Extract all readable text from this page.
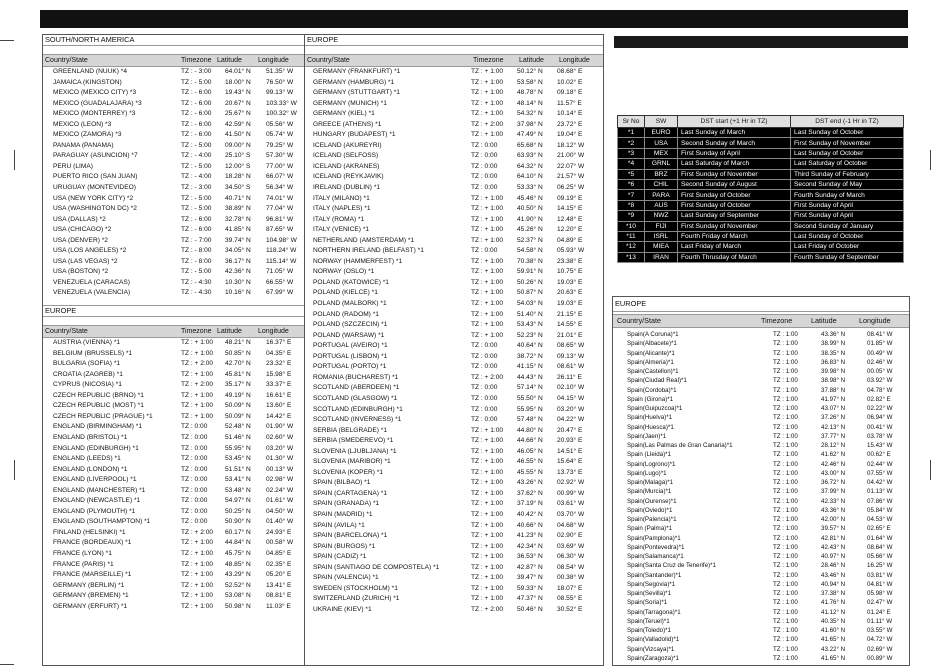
SOUTH/NORTH AMERICA
Country/State	Timezone Latitude	Longitude
GREENLAND (NUUK) *4	TZ : - 3:00	64.01° N	51.35° W
JAMAICA (KINGSTON)	TZ : - 5:00	18.00° N	76.50° W
MEXICO (MEXICO CITY) *3	TZ : - 6:00	19.43° N	99.13° W
MEXICO (GUADALAJARA) *3	TZ : - 6:00	20.67° N	103.33° W
MEXICO (MONTERREY) *3	TZ : - 6:00	25.67° N	100.32° W
MEXICO (LEON) *3	TZ : - 6:00	42.59° N	05.56° W
MEXICO (ZAMORA) *3	TZ : - 6:00	41.50° N	05.74° W
PANAMA (PANAMA)	TZ : - 5:00	09.00° N	79.25° W
PARAGUAY (ASUNCION) *7	TZ : - 4:00	25.10° S	57.30° W
PERU (LIMA)	TZ : - 5:00	12.00° S	77.00° W
PUERTO RICO (SAN JUAN)	TZ : - 4:00	18.28° N	66.07° W
URUGUAY (MONTEVIDEO)	TZ : - 3:00	34.50° S	56.34° W
USA (NEW YORK CITY) *2	TZ : - 5:00	40.71° N	74.01° W
USA (WASHINGTON DC) *2	TZ : - 5:00	38.89° N	77.04° W
USA (DALLAS) *2	TZ : - 6:00	32.78° N	96.81° W
USA (CHICAGO) *2	TZ : - 6:00	41.85° N	87.65° W
USA (DENVER) *2	TZ : - 7:00	39.74° N	104.98° W
USA (LOS ANGELES) *2	TZ : - 8:00	34.05° N	118.24° W
USA (LAS VEGAS) *2	TZ : - 8:00	36.17° N	115.14° W
USA (BOSTON) *2	TZ : - 5:00	42.36° N	71.05° W
VENEZUELA (CARACAS)	TZ : - 4:30	10.30° N	66.55° W
VENEZUELA (VALENCIA)	TZ : - 4:30	10.16° N	67.99° W
EUROPE
Country/State	Timezone Latitude	Longitude
AUSTRIA (VIENNA) *1	TZ : + 1:00	48.21° N	16.37° E
BELGIUM (BRUSSELS) *1	TZ : + 1:00	50.85° N	04.35° E
BULGARIA (SOFIA) *1	TZ : + 2:00	42.70° N	23.32° E
CROATIA (ZAGREB) *1	TZ : + 1:00	45.81° N	15.98° E
CYPRUS (NICOSIA) *1	TZ : + 2:00	35.17° N	33.37° E
CZECH REPUBLIC (BRNO) *1	TZ : + 1:00	49.19° N	16.61° E
CZECH REPUBLIC (MOST) *1	TZ : + 1:00	50.09° N	13.60° E
CZECH REPUBLIC (PRAGUE) *1	TZ : + 1:00	50.09° N	14.42° E
ENGLAND (BIRMINGHAM) *1	TZ : 0:00	52.48° N	01.90° W
ENGLAND (BRISTOL) *1	TZ : 0:00	51.46° N	02.60° W
ENGLAND (EDINBURGH) *1	TZ : 0:00	55.95° N	03.20° W
ENGLAND (LEEDS) *1	TZ : 0:00	53.45° N	01.30° W
ENGLAND (LONDON) *1	TZ : 0:00	51.51° N	00.13° W
ENGLAND (LIVERPOOL) *1	TZ : 0:00	53.41° N	02.98° W
ENGLAND (MANCHESTER) *1	TZ : 0:00	53.48° N	02.24° W
ENGLAND (NEWCASTLE) *1	TZ : 0:00	54.97° N	01.61° W
ENGLAND (PLYMOUTH) *1	TZ : 0:00	50.25° N	04.50° W
ENGLAND (SOUTHAMPTON) *1	TZ : 0:00	50.90° N	01.40° W
FINLAND (HELSINKI) *1	TZ : + 2:00	60.17° N	24.93° E
FRANCE (BORDEAUX) *1	TZ : + 1:00	44.84° N	00.58° W
FRANCE (LYON) *1	TZ : + 1:00	45.75° N	04.85° E
FRANCE (PARIS) *1	TZ : + 1:00	48.85° N	02.35° E
FRANCE (MARSEILLE) *1	TZ : + 1:00	43.29° N	05.20° E
GERMANY (BERLIN) *1	TZ : + 1:00	52.52° N	13.41° E
GERMANY (BREMEN) *1	TZ : + 1:00	53.08° N	08.81° E
GERMANY (ERFURT) *1	TZ : + 1:00	50.98° N	11.03° E
EUROPE
Country/State	Timezone	Latitude	Longitude
GERMANY (FRANKFURT) *1	TZ : + 1:00	50.12° N	08.68° E
GERMANY (HAMBURG) *1	TZ : + 1:00	53.58° N	10.02° E
GERMANY (STUTTGART) *1	TZ : + 1:00	48.78° N	09.18° E
GERMANY (MUNICH) *1	TZ : + 1:00	48.14° N	11.57° E
GERMANY (KIEL) *1	TZ : + 1:00	54.32° N	10.14° E
GREECE (ATHENS) *1	TZ : + 2:00	37.98° N	23.72° E
HUNGARY (BUDAPEST) *1	TZ : + 1:00	47.49° N	19.04° E
ICELAND (AKUREYRI)	TZ : 0:00	65.68° N	18.12° W
ICELAND (SELFOSS)	TZ : 0:00	63.93° N	21.00° W
ICELAND (AKRANES)	TZ : 0:00	64.32° N	22.07° W
ICELAND (REYKJAVIK)	TZ : 0:00	64.10° N	21.57° W
IRELAND (DUBLIN) *1	TZ : 0:00	53.33° N	06.25° W
ITALY (MILANO) *1	TZ : + 1:00	45.46° N	09.19° E
ITALY (NAPLES) *1	TZ : + 1:00	40.50° N	14.15° E
ITALY (ROMA) *1	TZ : + 1:00	41.90° N	12.48° E
ITALY (VENICE) *1	TZ : + 1:00	45.26° N	12.20° E
NETHERLAND (AMSTERDAM) *1	TZ : + 1:00	52.37° N	04.89° E
NORTHERN IRELAND (BELFAST) *1	TZ : 0:00	54.58° N	05.93° W
NORWAY (HAMMERFEST) *1	TZ : + 1:00	70.38° N	23.38° E
NORWAY (OSLO) *1	TZ : + 1:00	59.91° N	10.75° E
POLAND (KATOWICE) *1	TZ : + 1:00	50.26° N	19.03° E
POLAND (KIELCE) *1	TZ : + 1:00	50.87° N	20.63° E
POLAND (MALBORK) *1	TZ : + 1:00	54.03° N	19.03° E
POLAND (RADOM) *1	TZ : + 1:00	51.40° N	21.15° E
POLAND (SZCZECIN) *1	TZ : + 1:00	53.43° N	14.55° E
POLAND (WARSAW) *1	TZ : + 1:00	52.23° N	21.01° E
PORTUGAL (AVEIRO) *1	TZ : 0:00	40.64° N	08.65° W
PORTUGAL (LISBON) *1	TZ : 0:00	38.72° N	09.13° W
PORTUGAL (PORTO) *1	TZ : 0:00	41.15° N	08.61° W
ROMANIA (BUCHAREST) *1	TZ : + 2:00	44.43° N	26.11° E
SCOTLAND (ABERDEEN) *1	TZ : 0:00	57.14° N	02.10° W
SCOTLAND (GLASGOW) *1	TZ : 0:00	55.50° N	04.15° W
SCOTLAND (EDINBURGH) *1	TZ : 0:00	55.95° N	03.20° W
SCOTLAND (INVERNESS) *1	TZ : 0:00	57.48° N	04.22° W
SERBIA (BELGRADE) *1	TZ : + 1:00	44.80° N	20.47° E
SERBIA (SMEDEREVO) *1	TZ : + 1:00	44.66° N	20.93° E
SLOVENIA (LJUBLJANA) *1	TZ : + 1:00	46.05° N	14.51° E
SLOVENIA (MARIBOR) *1	TZ : + 1:00	46.55° N	15.64° E
SLOVENIA (KOPER) *1	TZ : + 1:00	45.55° N	13.73° E
SPAIN (BILBAO) *1	TZ : + 1:00	43.26° N	02.92° W
SPAIN (CARTAGENA) *1	TZ : + 1:00	37.62° N	00.99° W
SPAIN (GRANADA) *1	TZ : + 1:00	37.19° N	03.61° W
SPAIN (MADRID) *1	TZ : + 1:00	40.42° N	03.70° W
SPAIN (AVILA) *1	TZ : + 1:00	40.66° N	04.68° W
SPAIN (BARCELONA) *1	TZ : + 1:00	41.23° N	02.90° E
SPAIN (BURGOS) *1	TZ : + 1:00	42.34° N	03.69° W
SPAIN (CADIZ) *1	TZ : + 1:00	36.53° N	06.30° W
SPAIN (SANTIAGO DE COMPOSTELA) *1	TZ : + 1:00	42.87° N	08.54° W
SPAIN (VALENCIA) *1	TZ : + 1:00	39.47° N	00.38° W
SWEDEN (STOCKHOLM) *1	TZ : + 1:00	59.33° N	18.07° E
SWITZERLAND (ZURICH) *1	TZ : + 1:00	47.37° N	08.55° E
UKRAINE (KIEV) *1	TZ : + 2:00	50.46° N	30.52° E
Sr No	SW	DST start (+1 Hr in TZ)	DST end (-1 Hr in TZ)
*1	EURO	Last Sunday of March	Last Sunday of October
*2	USA	Second Sunday of March	First Sunday of November
*3	MEX	First Sunday of April	Last Sunday of October
*4	GRNL	Last Saturday of March	Last Saturday of October
*5	BRZ	First Sunday of November	Third Sunday of February
*6	CHIL	Second Sunday of August	Second Sunday of May
*7	PARA	First Sunday of October	Fourth Sunday of March
*8	AUS	First Sunday of October	First Sunday of April
*9	NWZ	Last Sunday of September	First Sunday of April
*10	FIJI	First Sunday of November	Second Sunday of January
*11	ISRL	Fourth Friday of March	Last Sunday of October
*12	MIEA	Last Friday of March	Last Friday of October
*13	IRAN	Fourth Thrusday of March	Fourth Sunday of September
EUROPE
Country/State	Timezone	Latitude	Longitude
Spain(A Coruna)*1	TZ : 1:00	43.36° N	08.41° W
Spain(Albacete)*1	TZ : 1:00	38.99° N	01.85° W
Spain(Alicante)*1	TZ : 1:00	38.35° N	00.49° W
Spain(Almeria)*1	TZ : 1:00	36.83° N	02.46° W
Spain(Castellon)*1	TZ : 1:00	39.98° N	00.05° W
Spain(Ciudad Real)*1	TZ : 1:00	38.98° N	03.92° W
Spain(Cordoba)*1	TZ : 1:00	37.88° N	04.78° W
Spain (Girona)*1	TZ : 1:00	41.97° N	02.82° E
Spain(Guipuzcoa)*1	TZ : 1:00	43.07° N	02.22° W
Spain(Huelva)*1	TZ : 1:00	37.26° N	06.94° W
Spain(Huesca)*1	TZ : 1:00	42.13° N	00.41° W
Spain(Jaen)*1	TZ : 1:00	37.77° N	03.78° W
Spain(Las Palmas de Gran Canaria)*1	TZ : 1:00	28.12° N	15.43° W
Spain (Lleida)*1	TZ : 1:00	41.62° N	00.62° E
Spain(Logrono)*1	TZ : 1:00	42.46° N	02.44° W
Spain(Lugo)*1	TZ : 1:00	43.00° N	07.55° W
Spain(Malaga)*1	TZ : 1:00	36.72° N	04.42° W
Spain(Murcia)*1	TZ : 1:00	37.99° N	01.13° W
Spain(Ourense)*1	TZ : 1:00	42.33° N	07.86° W
Spain(Oviedo)*1	TZ : 1:00	43.36° N	05.84° W
Spain(Palencia)*1	TZ : 1:00	42.00° N	04.53° W
Spain (Palma)*1	TZ : 1:00	39.57° N	02.65° E
Spain(Pamplona)*1	TZ : 1:00	42.81° N	01.64° W
Spain(Pontevedra)*1	TZ : 1:00	42.43° N	08.64° W
Spain(Salamanca)*1	TZ : 1:00	40.97° N	05.66° W
Spain(Santa Cruz de Tenerife)*1	TZ : 1:00	28.46° N	16.25° W
Spain(Santander)*1	TZ : 1:00	43.46° N	03.81° W
Spain(Segovia)*1	TZ : 1:00	40.94° N	04.81° W
Spain(Sevilla)*1	TZ : 1:00	37.38° N	05.98° W
Spain(Soria)*1	TZ : 1:00	41.76° N	02.47° W
Spain(Tarragona)*1	TZ : 1:00	41.12° N	01.24° E
Spain(Teruel)*1	TZ : 1:00	40.35° N	01.11° W
Spain(Toledo)*1	TZ : 1:00	41.60° N	03.55° W
Spain(Valladolid)*1	TZ : 1:00	41.65° N	04.72° W
Spain(Vizcaya)*1	TZ : 1:00	43.22° N	02.69° W
Spain(Zaragoza)*1	TZ : 1:00	41.65° N	00.89° W
